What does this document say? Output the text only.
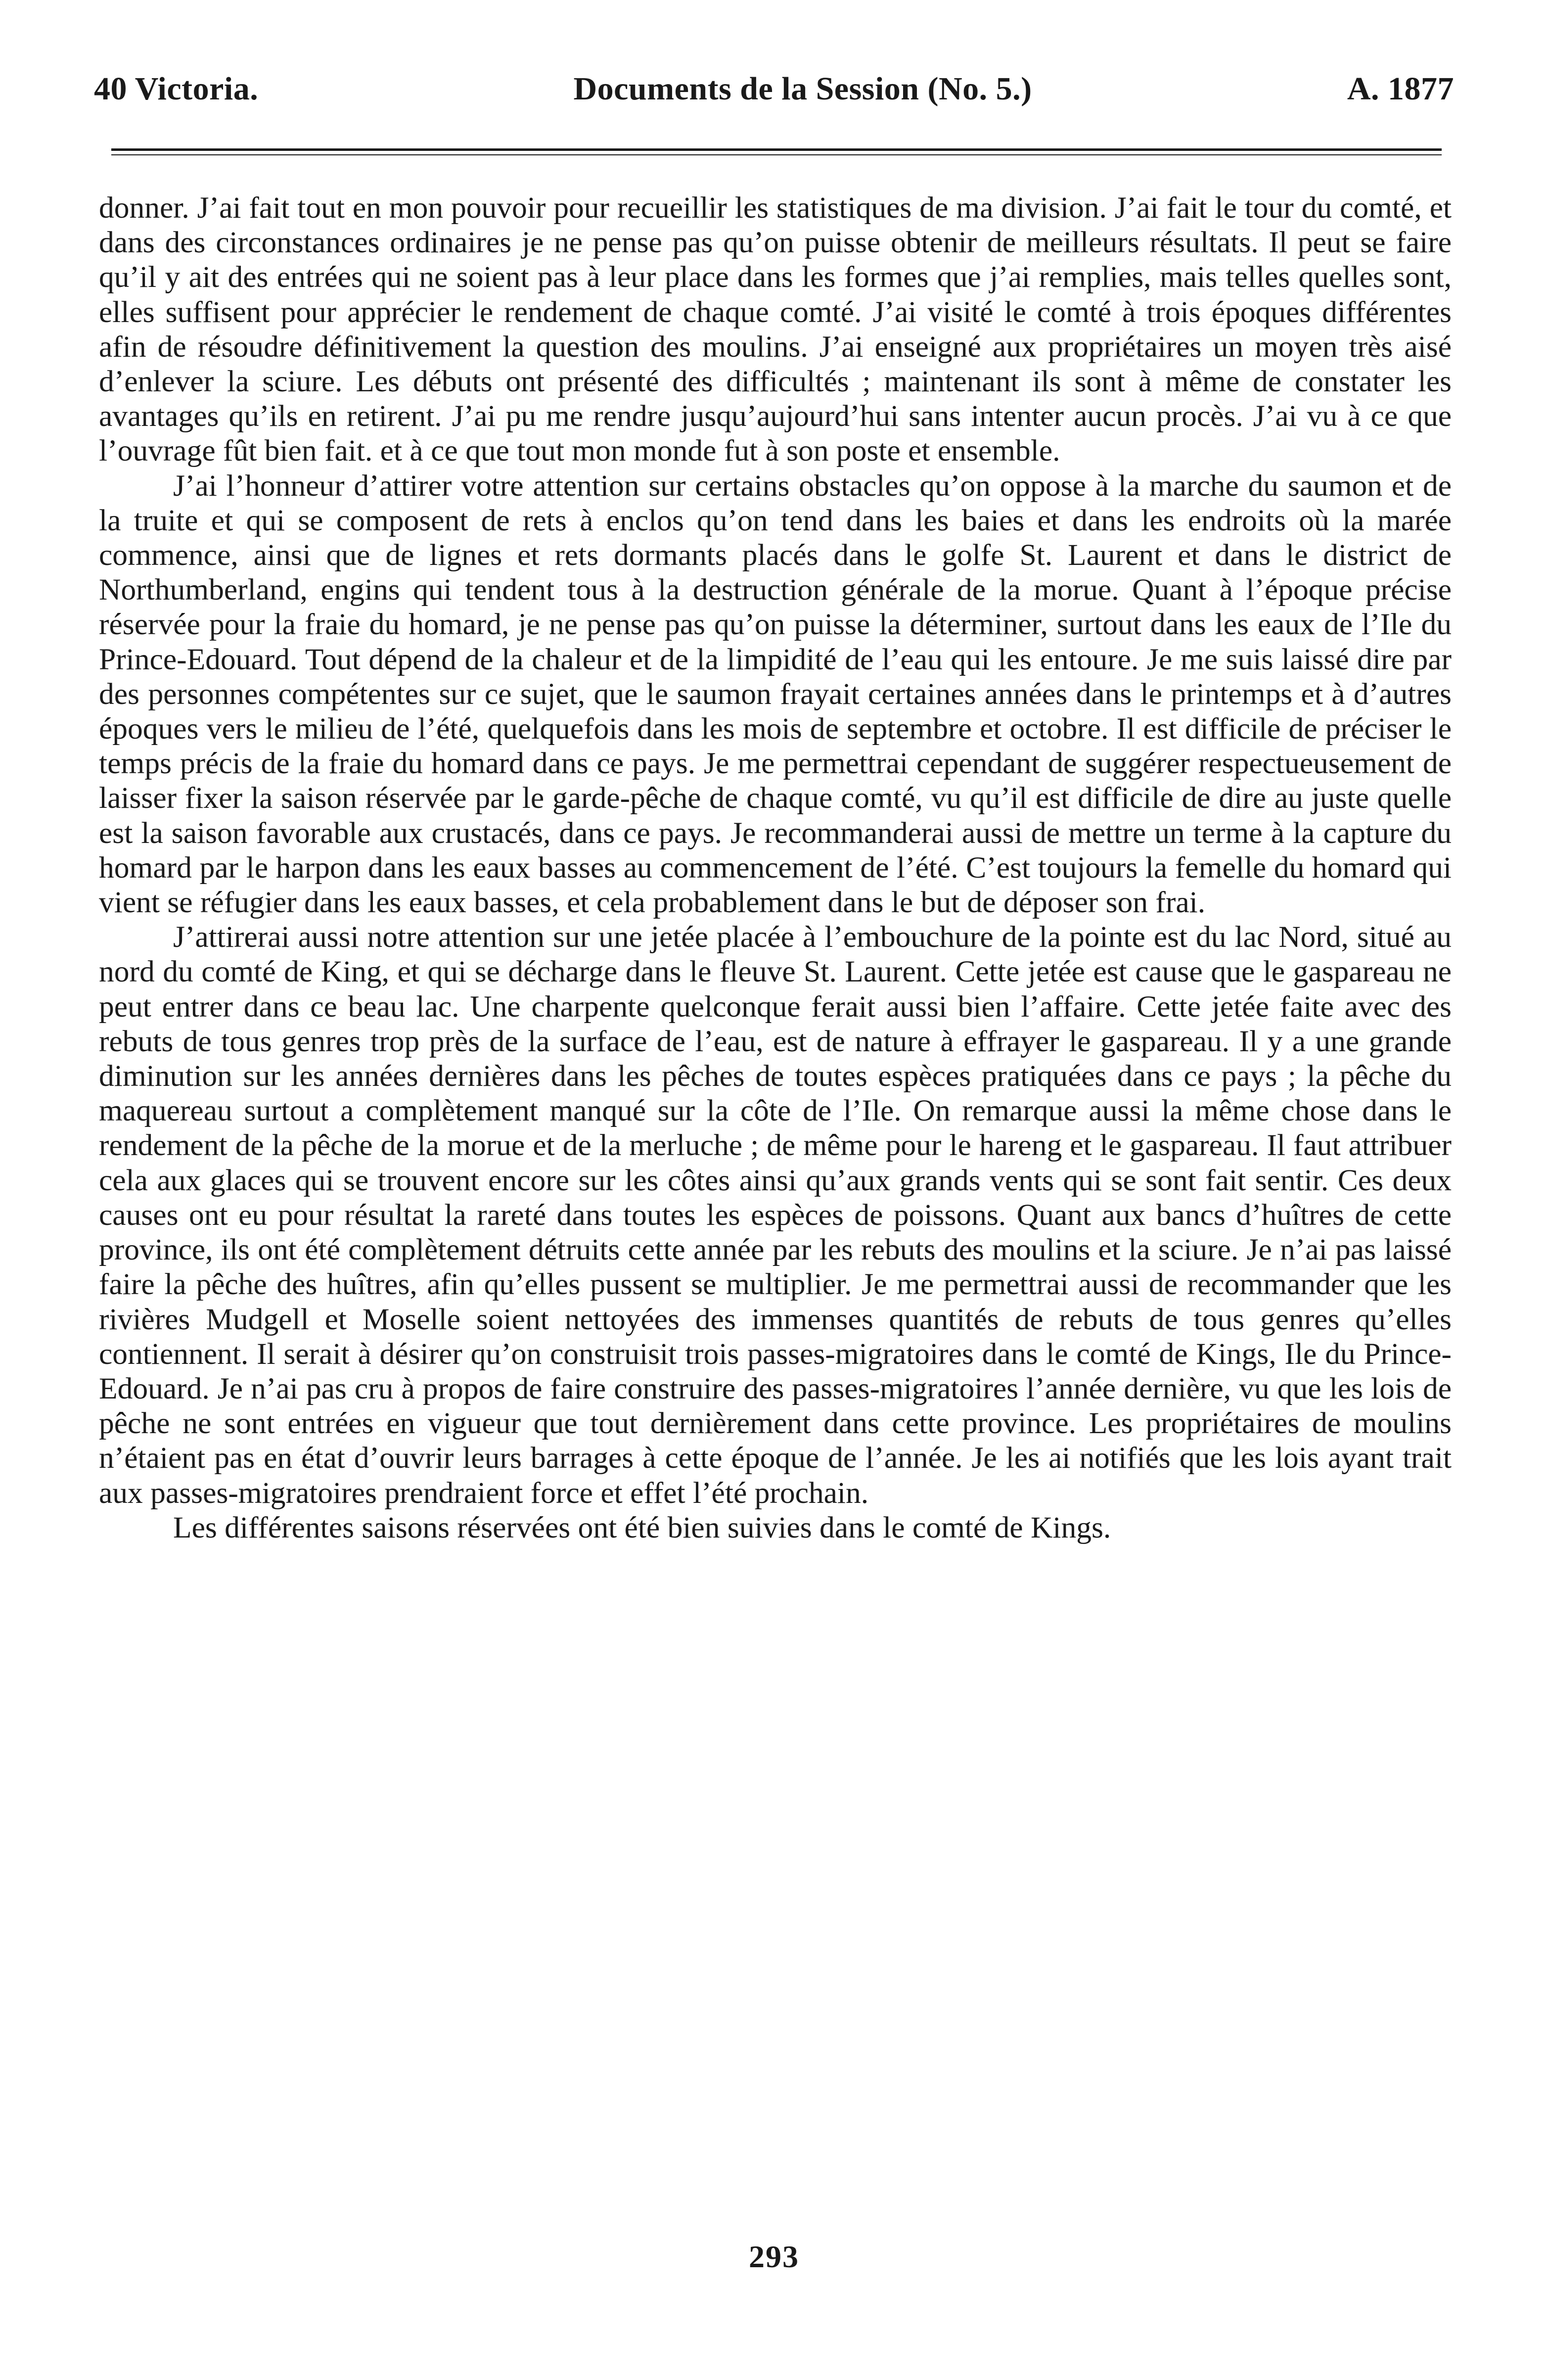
40 Victoria.	Documents de la Session (No. 5.)	A. 1877

donner. J’ai fait tout en mon pouvoir pour recueillir les statistiques de ma division. J’ai fait le tour du comté, et dans des circonstances ordinaires je ne pense pas qu’on puisse obtenir de meilleurs résultats. Il peut se faire qu’il y ait des entrées qui ne soient pas à leur place dans les formes que j’ai remplies, mais telles quelles sont, elles suffisent pour apprécier le rendement de chaque comté. J’ai visité le comté à trois époques différentes afin de résoudre définitivement la question des moulins. J’ai enseigné aux propriétaires un moyen très aisé d’enlever la sciure. Les débuts ont présenté des difficultés ; maintenant ils sont à même de constater les avantages qu’ils en retirent. J’ai pu me rendre jusqu’aujourd’hui sans intenter aucun procès. J’ai vu à ce que l’ouvrage fût bien fait. et à ce que tout mon monde fut à son poste et ensemble.

J’ai l’honneur d’attirer votre attention sur certains obstacles qu’on oppose à la marche du saumon et de la truite et qui se composent de rets à enclos qu’on tend dans les baies et dans les endroits où la marée commence, ainsi que de lignes et rets dormants placés dans le golfe St. Laurent et dans le district de Northumberland, engins qui tendent tous à la destruction générale de la morue. Quant à l’époque précise réservée pour la fraie du homard, je ne pense pas qu’on puisse la déterminer, surtout dans les eaux de l’Ile du Prince-Edouard. Tout dépend de la chaleur et de la limpidité de l’eau qui les entoure. Je me suis laissé dire par des personnes compétentes sur ce sujet, que le saumon frayait certaines années dans le printemps et à d’autres époques vers le milieu de l’été, quelquefois dans les mois de septembre et octobre. Il est difficile de préciser le temps précis de la fraie du homard dans ce pays. Je me permettrai cependant de suggérer respectueusement de laisser fixer la saison réservée par le garde-pêche de chaque comté, vu qu’il est difficile de dire au juste quelle est la saison favorable aux crustacés, dans ce pays. Je recommanderai aussi de mettre un terme à la capture du homard par le harpon dans les eaux basses au commencement de l’été. C’est toujours la femelle du homard qui vient se réfugier dans les eaux basses, et cela probablement dans le but de déposer son frai.

J’attirerai aussi notre attention sur une jetée placée à l’embouchure de la pointe est du lac Nord, situé au nord du comté de King, et qui se décharge dans le fleuve St. Laurent. Cette jetée est cause que le gaspareau ne peut entrer dans ce beau lac. Une charpente quelconque ferait aussi bien l’affaire. Cette jetée faite avec des rebuts de tous genres trop près de la surface de l’eau, est de nature à effrayer le gaspareau. Il y a une grande diminution sur les années dernières dans les pêches de toutes espèces pratiquées dans ce pays ; la pêche du maquereau surtout a complètement manqué sur la côte de l’Ile. On remarque aussi la même chose dans le rendement de la pêche de la morue et de la merluche ; de même pour le hareng et le gaspareau. Il faut attribuer cela aux glaces qui se trouvent encore sur les côtes ainsi qu’aux grands vents qui se sont fait sentir. Ces deux causes ont eu pour résultat la rareté dans toutes les espèces de poissons. Quant aux bancs d’huîtres de cette province, ils ont été complètement détruits cette année par les rebuts des moulins et la sciure. Je n’ai pas laissé faire la pêche des huîtres, afin qu’elles pussent se multiplier. Je me permettrai aussi de recommander que les rivières Mudgell et Moselle soient nettoyées des immenses quantités de rebuts de tous genres qu’elles contiennent. Il serait à désirer qu’on construisit trois passes-migratoires dans le comté de Kings, Ile du Prince-Edouard. Je n’ai pas cru à propos de faire construire des passes-migratoires l’année dernière, vu que les lois de pêche ne sont entrées en vigueur que tout dernièrement dans cette province. Les propriétaires de moulins n’étaient pas en état d’ouvrir leurs barrages à cette époque de l’année. Je les ai notifiés que les lois ayant trait aux passes-migratoires prendraient force et effet l’été prochain.

Les différentes saisons réservées ont été bien suivies dans le comté de Kings.

293
